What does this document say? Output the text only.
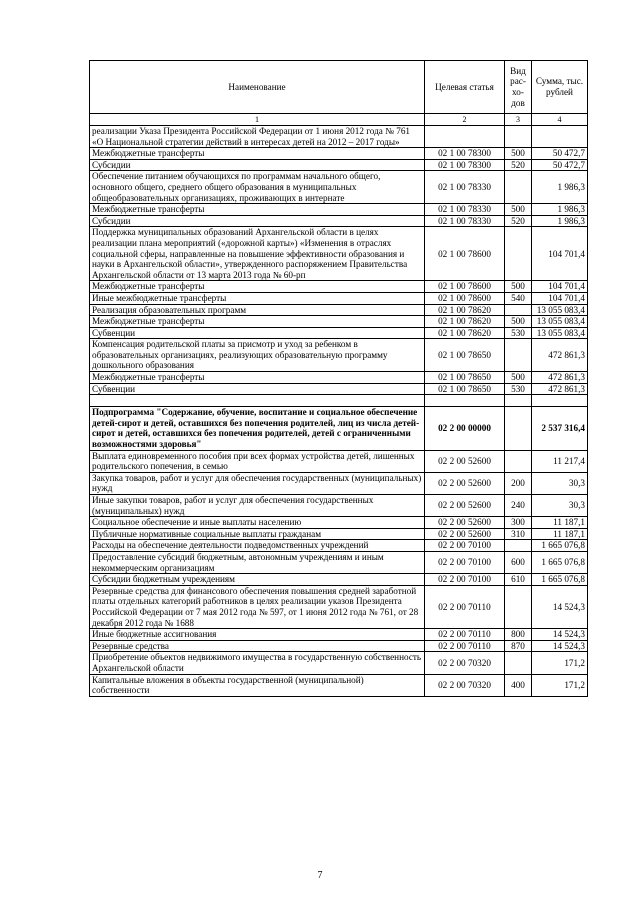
Наименование	Целевая статья	Вид рас-хо-дов	Сумма, тыс. рублей
1	2	3	4
реализации Указа Президента Российской Федерации от 1 июня 2012 года № 761 «О Национальной стратегии действий в интересах детей на 2012 – 2017 годы»			
Межбюджетные трансферты	02 1 00 78300	500	50 472,7
Субсидии	02 1 00 78300	520	50 472,7
Обеспечение питанием обучающихся по программам начального общего, основного общего, среднего общего образования в муниципальных общеобразовательных организациях, проживающих в интернате	02 1 00 78330		1 986,3
Межбюджетные трансферты	02 1 00 78330	500	1 986,3
Субсидии	02 1 00 78330	520	1 986,3
Поддержка муниципальных образований Архангельской области в целях реализации плана мероприятий («дорожной карты») «Изменения в отраслях социальной сферы, направленные на повышение эффективности образования и науки в Архангельской области», утвержденного распоряжением Правительства Архангельской области от 13 марта 2013 года № 60-рп	02 1 00 78600		104 701,4
Межбюджетные трансферты	02 1 00 78600	500	104 701,4
Иные межбюджетные трансферты	02 1 00 78600	540	104 701,4
Реализация образовательных программ	02 1 00 78620		13 055 083,4
Межбюджетные трансферты	02 1 00 78620	500	13 055 083,4
Субвенции	02 1 00 78620	530	13 055 083,4
Компенсация родительской платы за присмотр и уход за ребенком в образовательных организациях, реализующих образовательную программу дошкольного образования	02 1 00 78650		472 861,3
Межбюджетные трансферты	02 1 00 78650	500	472 861,3
Субвенции	02 1 00 78650	530	472 861,3

Подпрограмма "Содержание, обучение, воспитание и социальное обеспечение детей-сирот и детей, оставшихся без попечения родителей, лиц из числа детей-сирот и детей, оставшихся без попечения родителей, детей с ограниченными возможностями здоровья"	02 2 00 00000		2 537 316,4
Выплата единовременного пособия при всех формах устройства детей, лишенных родительского попечения, в семью	02 2 00 52600		11 217,4
Закупка товаров, работ и услуг для обеспечения государственных (муниципальных) нужд	02 2 00 52600	200	30,3
Иные закупки товаров, работ и услуг для обеспечения государственных (муниципальных) нужд	02 2 00 52600	240	30,3
Социальное обеспечение и иные выплаты населению	02 2 00 52600	300	11 187,1
Публичные нормативные социальные выплаты гражданам	02 2 00 52600	310	11 187,1
Расходы на обеспечение деятельности подведомственных учреждений	02 2 00 70100		1 665 076,8
Предоставление субсидий бюджетным, автономным учреждениям и иным некоммерческим организациям	02 2 00 70100	600	1 665 076,8
Субсидии бюджетным учреждениям	02 2 00 70100	610	1 665 076,8
Резервные средства для финансового обеспечения повышения средней заработной платы отдельных категорий работников в целях реализации указов Президента Российской Федерации от 7 мая 2012 года № 597, от 1 июня 2012 года № 761, от 28 декабря 2012 года № 1688	02 2 00 70110		14 524,3
Иные бюджетные ассигнования	02 2 00 70110	800	14 524,3
Резервные средства	02 2 00 70110	870	14 524,3
Приобретение объектов недвижимого имущества в государственную собственность Архангельской области	02 2 00 70320		171,2
Капитальные вложения в объекты государственной (муниципальной) собственности	02 2 00 70320	400	171,2
7
